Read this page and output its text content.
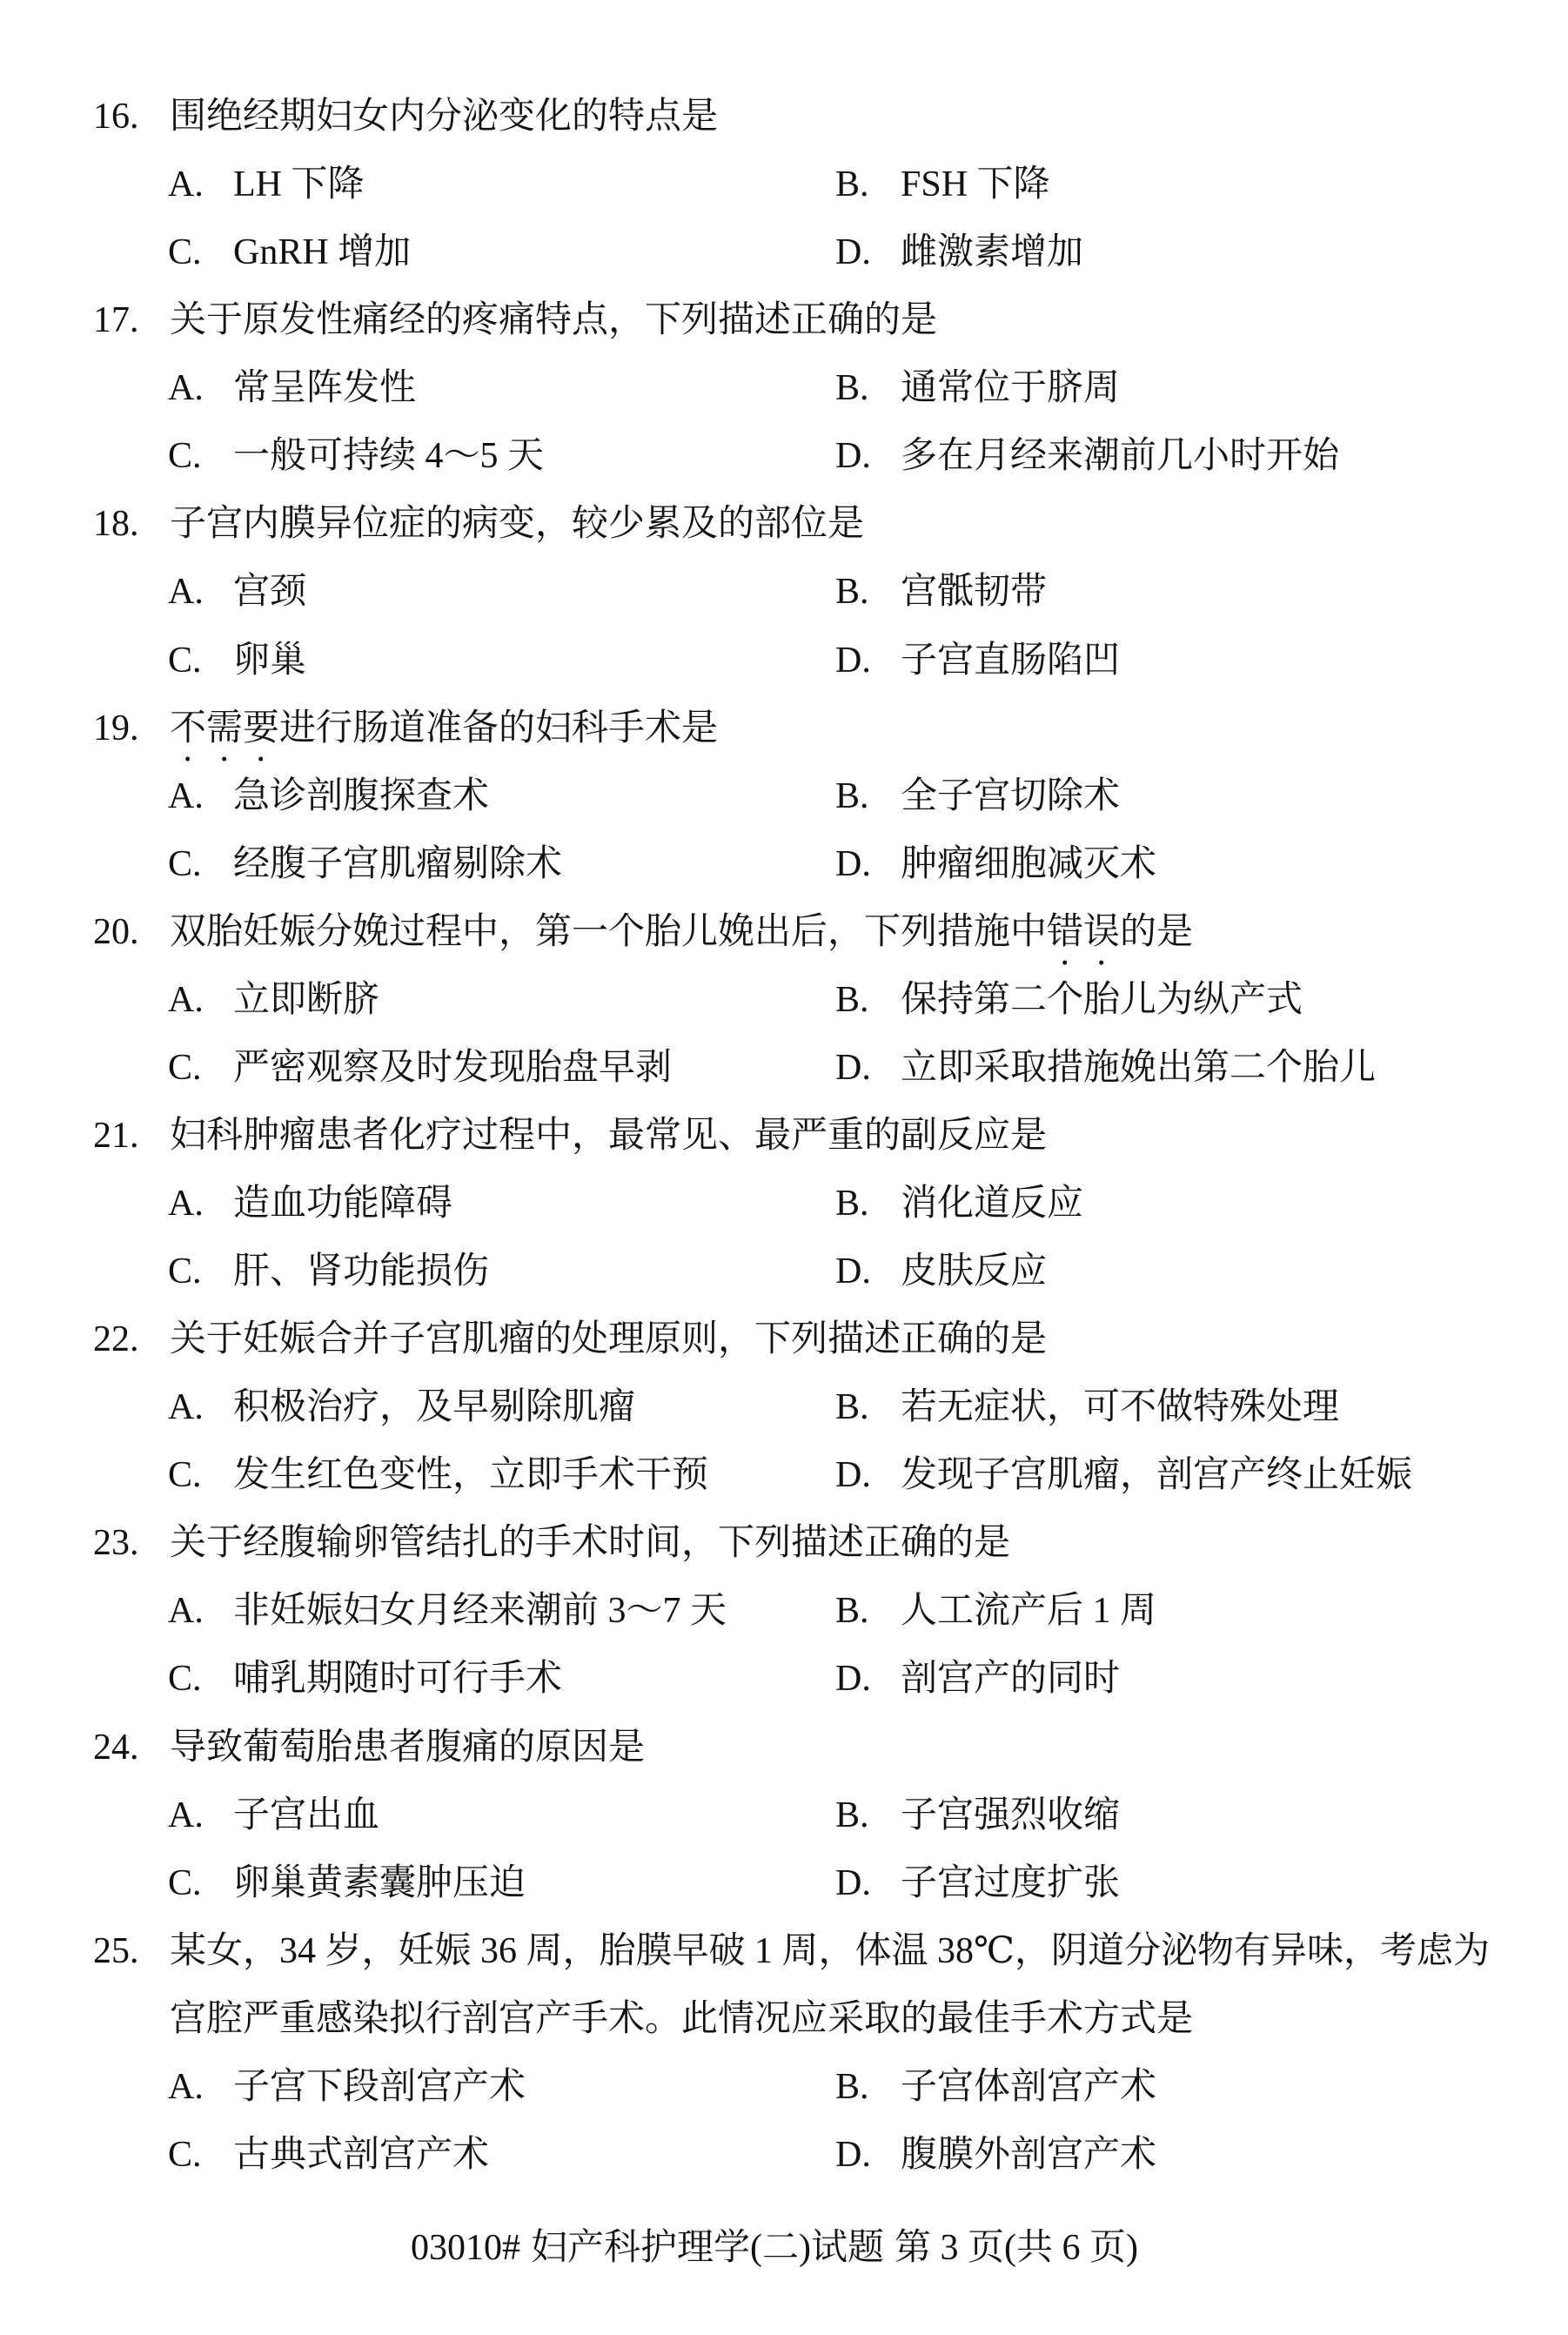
16. 围绝经期妇女内分泌变化的特点是
A. LH 下降	B. FSH 下降
C. GnRH 增加	D. 雌激素增加
17. 关于原发性痛经的疼痛特点，下列描述正确的是
A. 常呈阵发性	B. 通常位于脐周
C. 一般可持续 4～5 天	D. 多在月经来潮前几小时开始
18. 子宫内膜异位症的病变，较少累及的部位是
A. 宫颈	B. 宫骶韧带
C. 卵巢	D. 子宫直肠陷凹
19. 不需要进行肠道准备的妇科手术是
A. 急诊剖腹探查术	B. 全子宫切除术
C. 经腹子宫肌瘤剔除术	D. 肿瘤细胞减灭术
20. 双胎妊娠分娩过程中，第一个胎儿娩出后，下列措施中错误的是
A. 立即断脐	B. 保持第二个胎儿为纵产式
C. 严密观察及时发现胎盘早剥	D. 立即采取措施娩出第二个胎儿
21. 妇科肿瘤患者化疗过程中，最常见、最严重的副反应是
A. 造血功能障碍	B. 消化道反应
C. 肝、肾功能损伤	D. 皮肤反应
22. 关于妊娠合并子宫肌瘤的处理原则，下列描述正确的是
A. 积极治疗，及早剔除肌瘤	B. 若无症状，可不做特殊处理
C. 发生红色变性，立即手术干预	D. 发现子宫肌瘤，剖宫产终止妊娠
23. 关于经腹输卵管结扎的手术时间，下列描述正确的是
A. 非妊娠妇女月经来潮前 3～7 天	B. 人工流产后 1 周
C. 哺乳期随时可行手术	D. 剖宫产的同时
24. 导致葡萄胎患者腹痛的原因是
A. 子宫出血	B. 子宫强烈收缩
C. 卵巢黄素囊肿压迫	D. 子宫过度扩张
25. 某女，34 岁，妊娠 36 周，胎膜早破 1 周，体温 38℃，阴道分泌物有异味，考虑为
宫腔严重感染拟行剖宫产手术。此情况应采取的最佳手术方式是
A. 子宫下段剖宫产术	B. 子宫体剖宫产术
C. 古典式剖宫产术	D. 腹膜外剖宫产术
03010# 妇产科护理学(二)试题 第 3 页(共 6 页)
